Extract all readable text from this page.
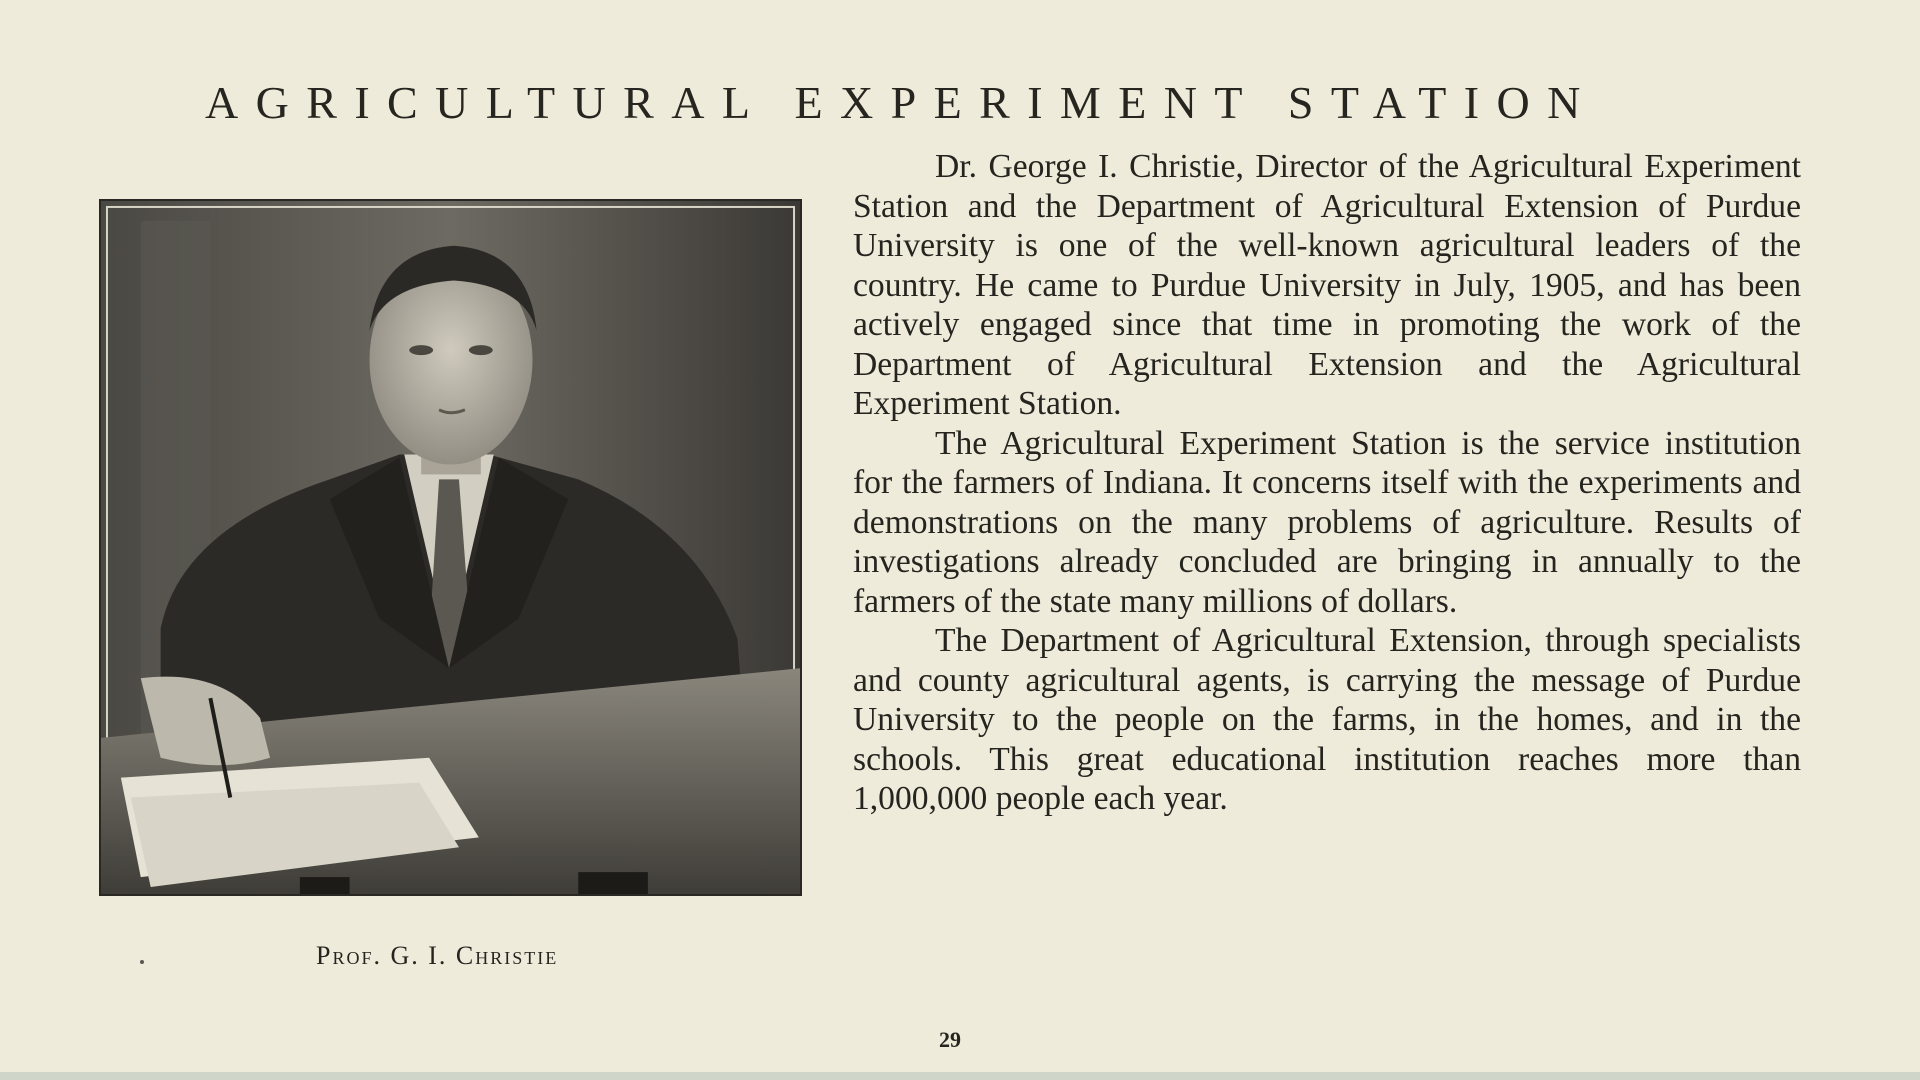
AGRICULTURAL EXPERIMENT STATION
Prof. G. I. Christie

Dr. George I. Christie, Director of the Agricultural Experiment Station and the Department of Agricultural Extension of Purdue University is one of the well-known agricultural leaders of the country. He came to Purdue University in July, 1905, and has been actively engaged since that time in promoting the work of the Department of Agricultural Extension and the Agricultural Experiment Station.

The Agricultural Experiment Station is the service institution for the farmers of Indiana. It concerns itself with the experiments and demonstrations on the many problems of agriculture. Results of investigations already concluded are bringing in annually to the farmers of the state many millions of dollars.

The Department of Agricultural Extension, through specialists and county agricultural agents, is carrying the message of Purdue University to the people on the farms, in the homes, and in the schools. This great educational institution reaches more than 1,000,000 people each year.

29
